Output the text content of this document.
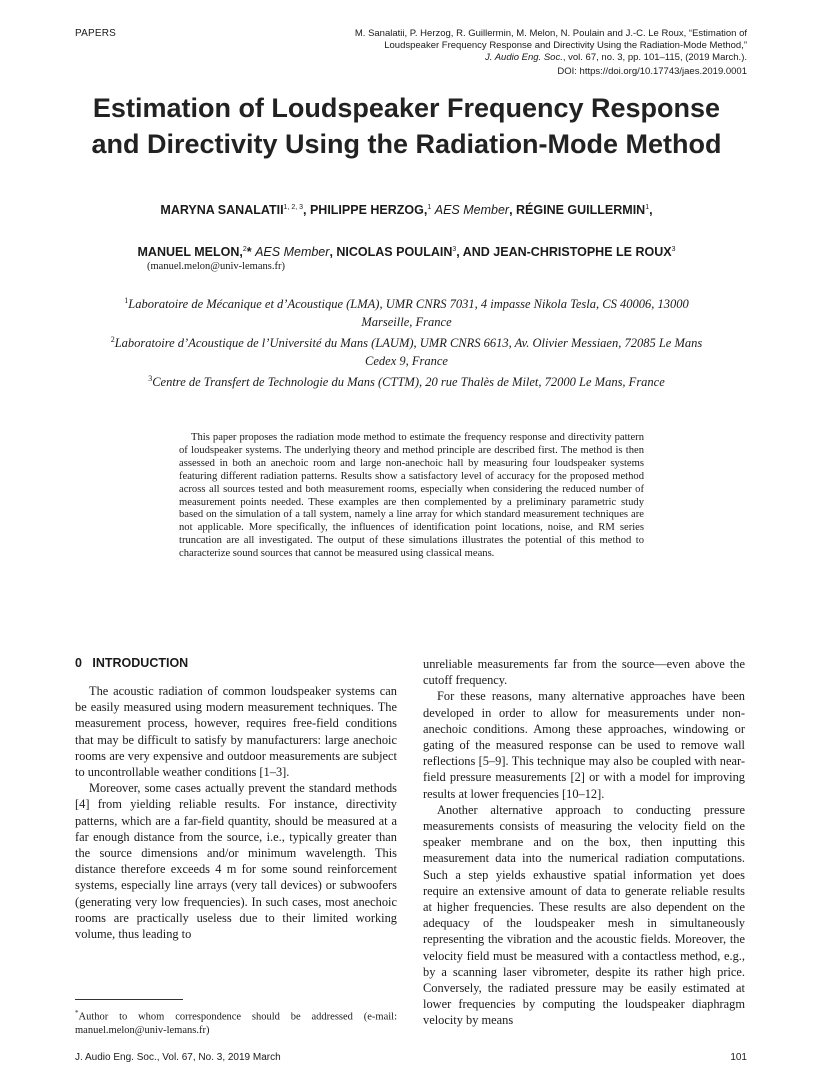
PAPERS	M. Sanalatii, P. Herzog, R. Guillermin, M. Melon, N. Poulain and J.-C. Le Roux, “Estimation of
Loudspeaker Frequency Response and Directivity Using the Radiation-Mode Method,”
J. Audio Eng. Soc., vol. 67, no. 3, pp. 101–115, (2019 March.).
DOI: https://doi.org/10.17743/jaes.2019.0001
Estimation of Loudspeaker Frequency Response
and Directivity Using the Radiation-Mode Method
MARYNA SANALATII$^{1, 2, 3}$, PHILIPPE HERZOG,$^1$ AES Member, RÉGINE GUILLERMIN$^1$,
MANUEL MELON,$^2$* AES Member, NICOLAS POULAIN$^3$, AND JEAN-CHRISTOPHE LE ROUX$^3$
(manuel.melon@univ-lemans.fr)
$^1$Laboratoire de Mécanique et d’Acoustique (LMA), UMR CNRS 7031, 4 impasse Nikola Tesla, CS 40006, 13000
Marseille, France
$^2$Laboratoire d’Acoustique de l’Université du Mans (LAUM), UMR CNRS 6613, Av. Olivier Messiaen, 72085 Le Mans
Cedex 9, France
$^3$Centre de Transfert de Technologie du Mans (CTTM), 20 rue Thalès de Milet, 72000 Le Mans, France

This paper proposes the radiation mode method to estimate the frequency response and directivity pattern of loudspeaker systems. The underlying theory and method principle are described first. The method is then assessed in both an anechoic room and large non-anechoic hall by measuring four loudspeaker systems featuring different radiation patterns. Results show a satisfactory level of accuracy for the proposed method across all sources tested and both measurement rooms, especially when considering the reduced number of measurement points needed. These examples are then complemented by a preliminary parametric study based on the simulation of a tall system, namely a line array for which standard measurement techniques are not applicable. More specifically, the influences of identification point locations, noise, and RM series truncation are all investigated. The output of these simulations illustrates the potential of this method to characterize sound sources that cannot be measured using classical means.

0 INTRODUCTION

The acoustic radiation of common loudspeaker systems can be easily measured using modern measurement techniques. The measurement process, however, requires free-field conditions that may be difficult to satisfy by manufacturers: large anechoic rooms are very expensive and outdoor measurements are subject to uncontrollable weather conditions [1–3].

Moreover, some cases actually prevent the standard methods [4] from yielding reliable results. For instance, directivity patterns, which are a far-field quantity, should be measured at a far enough distance from the source, i.e., typically greater than the source dimensions and/or minimum wavelength. This distance therefore exceeds 4 m for some sound reinforcement systems, especially line arrays (very tall devices) or subwoofers (generating very low frequencies). In such cases, most anechoic rooms are practically useless due to their limited working volume, thus leading to

unreliable measurements far from the source—even above the cutoff frequency.

For these reasons, many alternative approaches have been developed in order to allow for measurements under non-anechoic conditions. Among these approaches, windowing or gating of the measured response can be used to remove wall reflections [5–9]. This technique may also be coupled with near-field pressure measurements [2] or with a model for improving results at lower frequencies [10–12].

Another alternative approach to conducting pressure measurements consists of measuring the velocity field on the speaker membrane and on the box, then inputting this measurement data into the numerical radiation computations. Such a step yields exhaustive spatial information yet does require an extensive amount of data to generate reliable results at higher frequencies. These results are also dependent on the adequacy of the loudspeaker mesh in simultaneously representing the vibration and the acoustic fields. Moreover, the velocity field must be measured with a contactless method, e.g., by a scanning laser vibrometer, despite its rather high price. Conversely, the radiated pressure may be easily estimated at lower frequencies by computing the loudspeaker diaphragm velocity by means

*Author to whom correspondence should be addressed (e-mail: manuel.melon@univ-lemans.fr)
J. Audio Eng. Soc., Vol. 67, No. 3, 2019 March	101
